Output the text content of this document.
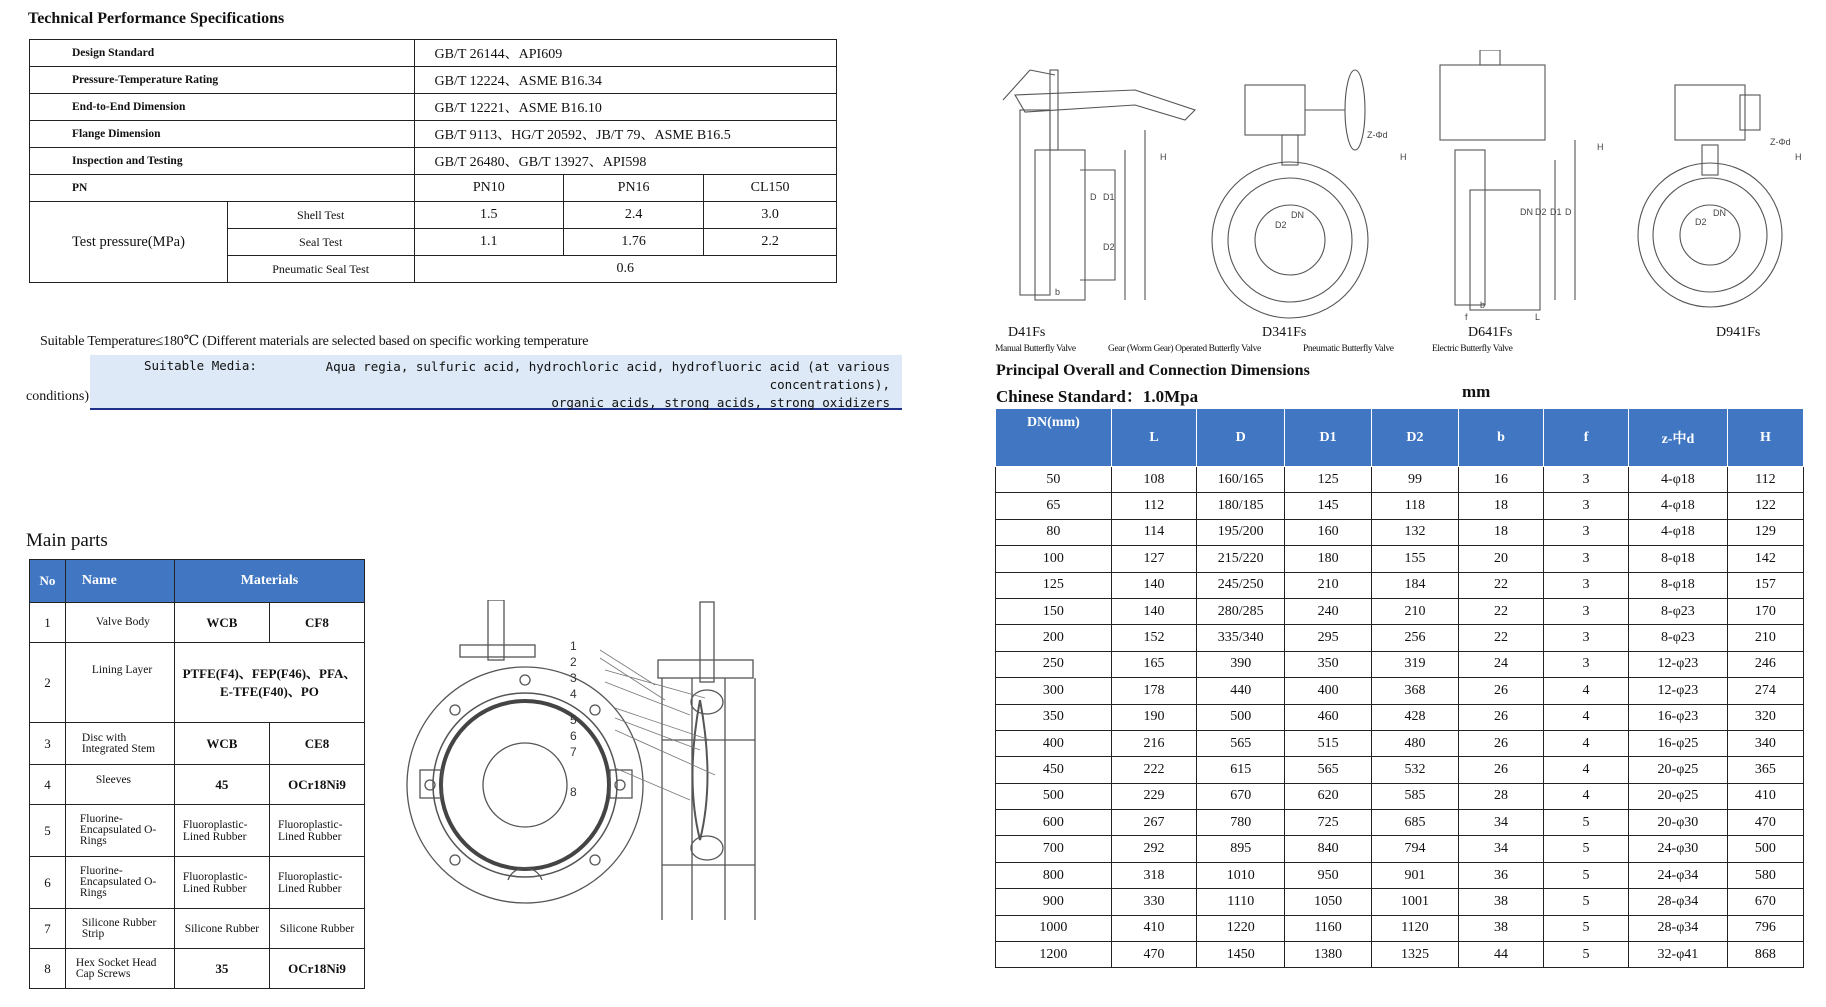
Technical Performance Specifications
Design Standard		GB/T 26144、API609		
Pressure-Temperature Rating		GB/T 12224、ASME B16.34		
End-to-End Dimension		GB/T 12221、ASME B16.10		
Flange Dimension		GB/T 9113、HG/T 20592、JB/T 79、ASME B16.5		
Inspection and Testing		GB/T 26480、GB/T 13927、API598		
PN		PN10	PN16	CL150
Test pressure(MPa)	Shell Test	1.5	2.4	3.0
	Seal Test	1.1	1.76	2.2
	Pneumatic Seal Test	0.6		
Suitable Temperature≤180℃ (Different materials are selected based on specific working temperature
Suitable Media:	Aqua regia, sulfuric acid, hydrochloric acid, hydrofluoric acid (at various concentrations),
organic acids, strong acids, strong oxidizers
conditions)
Main parts
No	Name	Materials	
1	Valve Body	WCB	CF8
2	Lining Layer	PTFE(F4)、FEP(F46)、PFA、E-TFE(F40)、PO	
3	Disc with Integrated Stem	WCB	CE8
4	Sleeves	45	OCr18Ni9
5	Fluorine-Encapsulated O-Rings	Fluoroplastic-Lined Rubber	Fluoroplastic-Lined Rubber
6	Fluorine-Encapsulated O-Rings	Fluoroplastic-Lined Rubber	Fluoroplastic-Lined Rubber
7	Silicone Rubber Strip	Silicone Rubber	Silicone Rubber
8	Hex Socket Head Cap Screws	35	OCr18Ni9
1
2
3
4
5
6
7
8
H
Z-Φd
H
H	Z-Φd
H
D2
DN
D2
DN
D D1
D2
DN D2 D1 D
b
b
f	L
D41Fs	D341Fs	D641Fs	D941Fs
Manual Butterfly Valve	Gear (Worm Gear) Operated Butterfly Valve	Pneumatic Butterfly Valve	Electric Butterfly Valve
Principal Overall and Connection Dimensions
Chinese Standard：1.0Mpa	mm
DN(mm)	L	D	D1	D2	b	f	z-中d	H
50	108	160/165	125	99	16	3	4-φ18	112
65	112	180/185	145	118	18	3	4-φ18	122
80	114	195/200	160	132	18	3	4-φ18	129
100	127	215/220	180	155	20	3	8-φ18	142
125	140	245/250	210	184	22	3	8-φ18	157
150	140	280/285	240	210	22	3	8-φ23	170
200	152	335/340	295	256	22	3	8-φ23	210
250	165	390	350	319	24	3	12-φ23	246
300	178	440	400	368	26	4	12-φ23	274
350	190	500	460	428	26	4	16-φ23	320
400	216	565	515	480	26	4	16-φ25	340
450	222	615	565	532	26	4	20-φ25	365
500	229	670	620	585	28	4	20-φ25	410
600	267	780	725	685	34	5	20-φ30	470
700	292	895	840	794	34	5	24-φ30	500
800	318	1010	950	901	36	5	24-φ34	580
900	330	1110	1050	1001	38	5	28-φ34	670
1000	410	1220	1160	1120	38	5	28-φ34	796
1200	470	1450	1380	1325	44	5	32-φ41	868
